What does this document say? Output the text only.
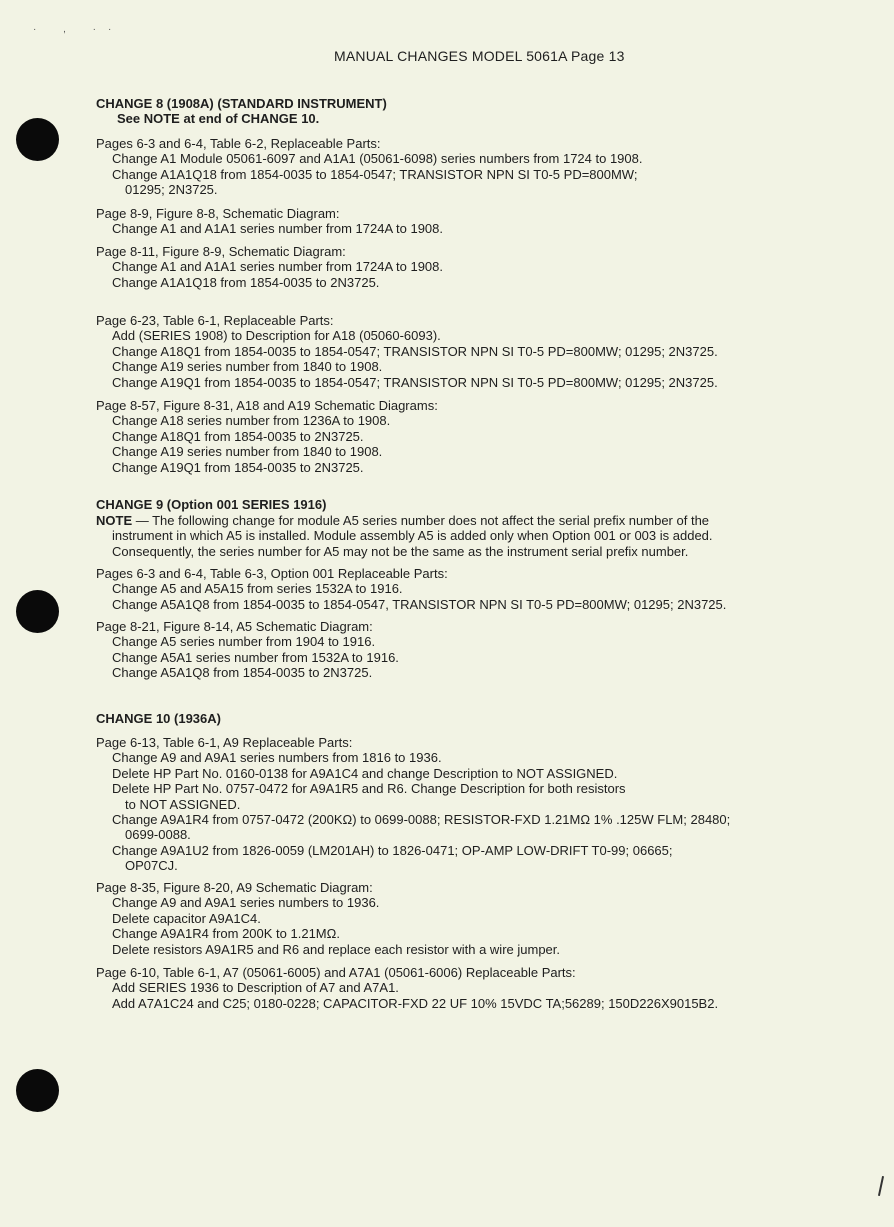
· , ··
MANUAL CHANGES MODEL 5061A Page 13
CHANGE 8 (1908A) (STANDARD INSTRUMENT)
See NOTE at end of CHANGE 10.
Pages 6-3 and 6-4, Table 6-2, Replaceable Parts:
Change A1 Module 05061-6097 and A1A1 (05061-6098) series numbers from 1724 to 1908.
Change A1A1Q18 from 1854-0035 to 1854-0547; TRANSISTOR NPN SI T0-5 PD=800MW;
01295; 2N3725.
Page 8-9, Figure 8-8, Schematic Diagram:
Change A1 and A1A1 series number from 1724A to 1908.
Page 8-11, Figure 8-9, Schematic Diagram:
Change A1 and A1A1 series number from 1724A to 1908.
Change A1A1Q18 from 1854-0035 to 2N3725.
Page 6-23, Table 6-1, Replaceable Parts:
Add (SERIES 1908) to Description for A18 (05060-6093).
Change A18Q1 from 1854-0035 to 1854-0547; TRANSISTOR NPN SI T0-5 PD=800MW; 01295; 2N3725.
Change A19 series number from 1840 to 1908.
Change A19Q1 from 1854-0035 to 1854-0547; TRANSISTOR NPN SI T0-5 PD=800MW; 01295; 2N3725.
Page 8-57, Figure 8-31, A18 and A19 Schematic Diagrams:
Change A18 series number from 1236A to 1908.
Change A18Q1 from 1854-0035 to 2N3725.
Change A19 series number from 1840 to 1908.
Change A19Q1 from 1854-0035 to 2N3725.
CHANGE 9 (Option 001 SERIES 1916)
NOTE — The following change for module A5 series number does not affect the serial prefix number of the
instrument in which A5 is installed. Module assembly A5 is added only when Option 001 or 003 is added.
Consequently, the series number for A5 may not be the same as the instrument serial prefix number.
Pages 6-3 and 6-4, Table 6-3, Option 001 Replaceable Parts:
Change A5 and A5A15 from series 1532A to 1916.
Change A5A1Q8 from 1854-0035 to 1854-0547, TRANSISTOR NPN SI T0-5 PD=800MW; 01295; 2N3725.
Page 8-21, Figure 8-14, A5 Schematic Diagram:
Change A5 series number from 1904 to 1916.
Change A5A1 series number from 1532A to 1916.
Change A5A1Q8 from 1854-0035 to 2N3725.
CHANGE 10 (1936A)
Page 6-13, Table 6-1, A9 Replaceable Parts:
Change A9 and A9A1 series numbers from 1816 to 1936.
Delete HP Part No. 0160-0138 for A9A1C4 and change Description to NOT ASSIGNED.
Delete HP Part No. 0757-0472 for A9A1R5 and R6. Change Description for both resistors
to NOT ASSIGNED.
Change A9A1R4 from 0757-0472 (200KΩ) to 0699-0088; RESISTOR-FXD 1.21MΩ 1% .125W FLM; 28480;
0699-0088.
Change A9A1U2 from 1826-0059 (LM201AH) to 1826-0471; OP-AMP LOW-DRIFT T0-99; 06665;
OP07CJ.
Page 8-35, Figure 8-20, A9 Schematic Diagram:
Change A9 and A9A1 series numbers to 1936.
Delete capacitor A9A1C4.
Change A9A1R4 from 200K to 1.21MΩ.
Delete resistors A9A1R5 and R6 and replace each resistor with a wire jumper.
Page 6-10, Table 6-1, A7 (05061-6005) and A7A1 (05061-6006) Replaceable Parts:
Add SERIES 1936 to Description of A7 and A7A1.
Add A7A1C24 and C25; 0180-0228; CAPACITOR-FXD 22 UF 10% 15VDC TA;56289; 150D226X9015B2.
